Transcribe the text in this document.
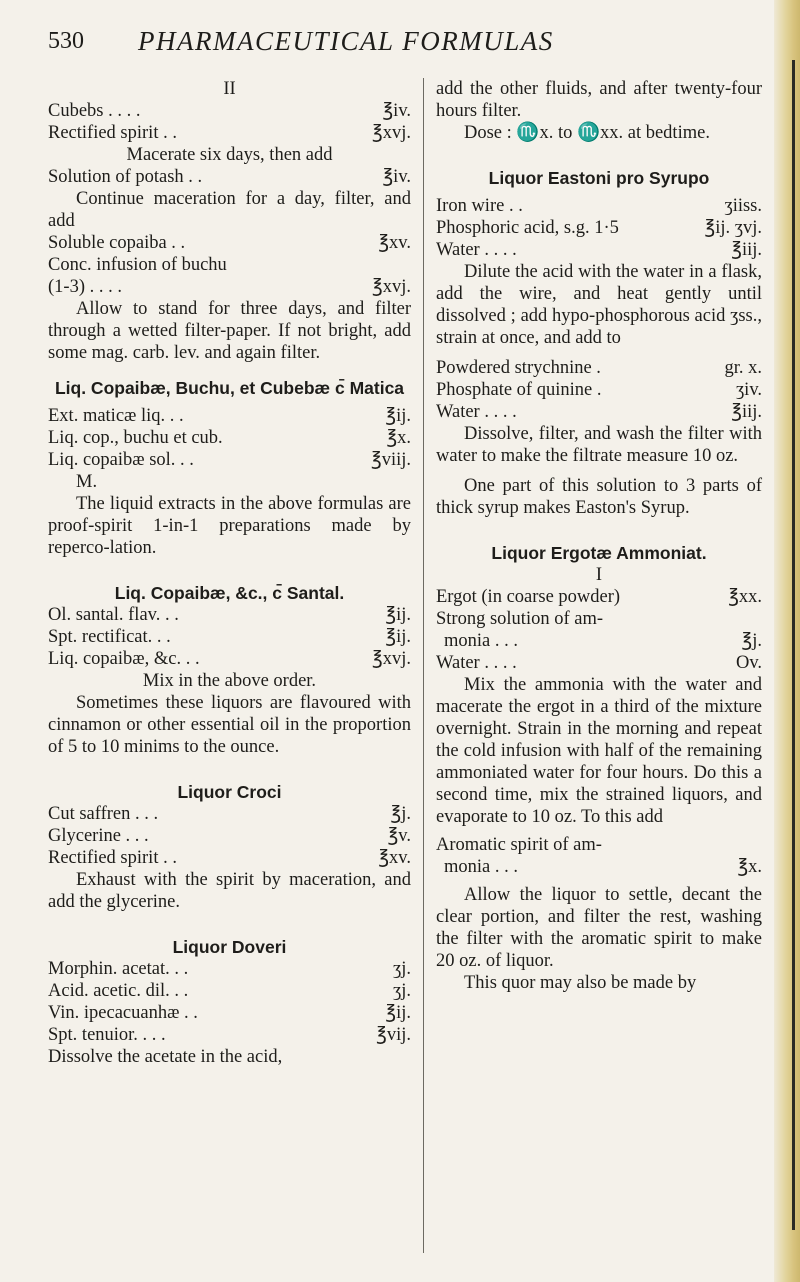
530 PHARMACEUTICAL FORMULAS

II

Cubebs . . . .	℥iv.
Rectified spirit . .	℥xvj.

Macerate six days, then add

Solution of potash . .	℥iv.

Continue maceration for a day, filter, and add

Soluble copaiba . .	℥xv.
Conc. infusion of buchu
(1-3) . . . .	℥xvj.

Allow to stand for three days, and filter through a wetted filter-paper. If not bright, add some mag. carb. lev. and again filter.

Liq. Copaibæ, Buchu, et Cubebæ c̄ Matica

Ext. maticæ liq. . .	℥ij.
Liq. cop., buchu et cub.	℥x.
Liq. copaibæ sol. . .	℥viij.

M.

The liquid extracts in the above formulas are proof-spirit 1-in-1 preparations made by reperco-lation.

Liq. Copaibæ, &c., c̄ Santal.

Ol. santal. flav. . .	℥ij.
Spt. rectificat. . .	℥ij.
Liq. copaibæ, &c. . .	℥xvj.

Mix in the above order.

Sometimes these liquors are flavoured with cinnamon or other essential oil in the proportion of 5 to 10 minims to the ounce.

Liquor Croci

Cut saffren . . .	℥j.
Glycerine . . .	℥v.
Rectified spirit . .	℥xv.

Exhaust with the spirit by maceration, and add the glycerine.

Liquor Doveri

Morphin. acetat. . .	ʒj.
Acid. acetic. dil. . .	ʒj.
Vin. ipecacuanhæ . .	℥ij.
Spt. tenuior. . . .	℥vij.

Dissolve the acetate in the acid,

add the other fluids, and after twenty-four hours filter.

Dose : ♏x. to ♏xx. at bedtime.

Liquor Eastoni pro Syrupo

Iron wire . .	ʒiiss.
Phosphoric acid, s.g. 1·5	℥ij. ʒvj.
Water . . . .	℥iij.

Dilute the acid with the water in a flask, add the wire, and heat gently until dissolved ; add hypo-phosphorous acid ʒss., strain at once, and add to

Powdered strychnine .	gr. x.
Phosphate of quinine .	ʒiv.
Water . . . .	℥iij.

Dissolve, filter, and wash the filter with water to make the filtrate measure 10 oz.

One part of this solution to 3 parts of thick syrup makes Easton's Syrup.

Liquor Ergotæ Ammoniat.

I

Ergot (in coarse powder)	℥xx.
Strong solution of am-
monia . . .	℥j.
Water . . . .	Ov.

Mix the ammonia with the water and macerate the ergot in a third of the mixture overnight. Strain in the morning and repeat the cold infusion with half of the remaining ammoniated water for four hours. Do this a second time, mix the strained liquors, and evaporate to 10 oz. To this add

Aromatic spirit of am-
monia . . .	℥x.

Allow the liquor to settle, decant the clear portion, and filter the rest, washing the filter with the aromatic spirit to make 20 oz. of liquor.

This quor may also be made by
